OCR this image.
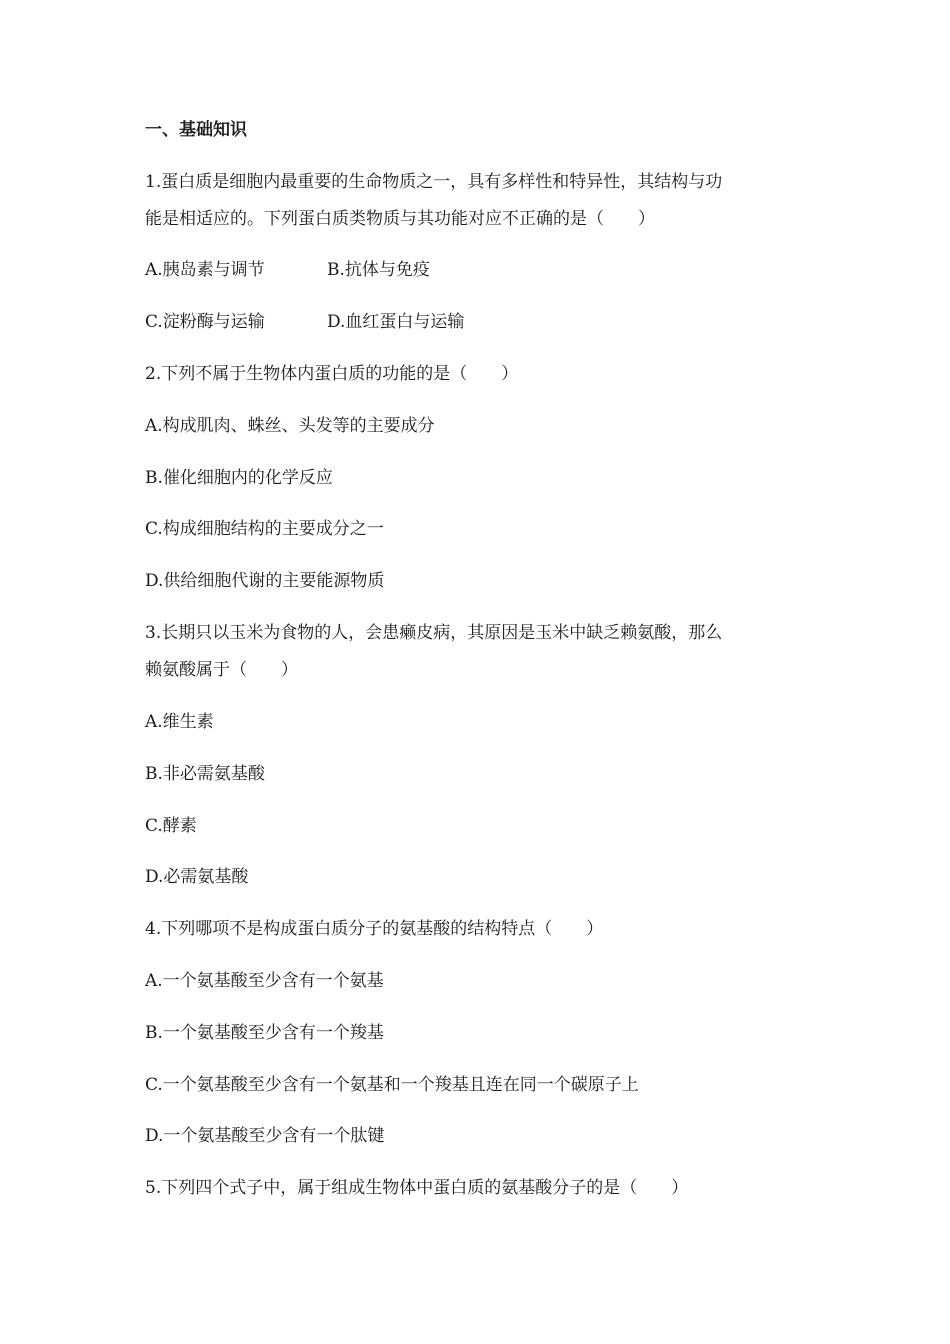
一、基础知识
1.蛋白质是细胞内最重要的生命物质之一，具有多样性和特异性，其结构与功
能是相适应的。下列蛋白质类物质与其功能对应不正确的是（　　）
A.胰岛素与调节	B.抗体与免疫
C.淀粉酶与运输	D.血红蛋白与运输
2.下列不属于生物体内蛋白质的功能的是（　　）
A.构成肌肉、蛛丝、头发等的主要成分
B.催化细胞内的化学反应
C.构成细胞结构的主要成分之一
D.供给细胞代谢的主要能源物质
3.长期只以玉米为食物的人，会患癞皮病，其原因是玉米中缺乏赖氨酸，那么
赖氨酸属于（　　）
A.维生素
B.非必需氨基酸
C.酵素
D.必需氨基酸
4.下列哪项不是构成蛋白质分子的氨基酸的结构特点（　　）
A.一个氨基酸至少含有一个氨基
B.一个氨基酸至少含有一个羧基
C.一个氨基酸至少含有一个氨基和一个羧基且连在同一个碳原子上
D.一个氨基酸至少含有一个肽键
5.下列四个式子中，属于组成生物体中蛋白质的氨基酸分子的是（　　）
